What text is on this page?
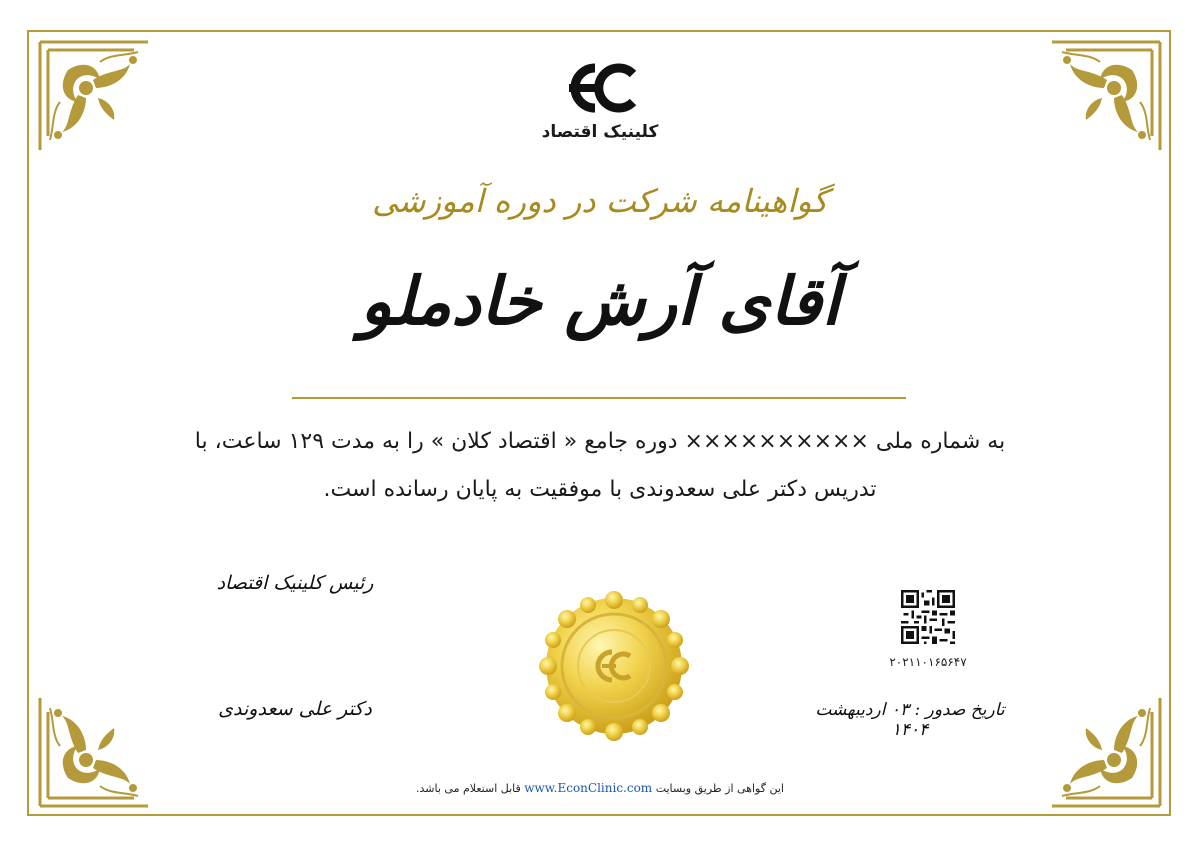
کلینیک اقتصاد
گواهینامه شرکت در دوره آموزشی
آقای آرش خادملو
به شماره ملی ×××××××××× دوره جامع « اقتصاد کلان » را به مدت ۱۲۹ ساعت، با
تدریس دکتر علی سعدوندی با موفقیت به پایان رسانده است.
رئیس کلینیک اقتصاد
دکتر علی سعدوندی
۲۰۲۱۱۰۱۶۵۶۴۷
تاریخ صدور : ۰۳ اردیبهشت ۱۴۰۴
این گواهی از طریق وبسایت www.EconClinic.com قابل استعلام می باشد.
